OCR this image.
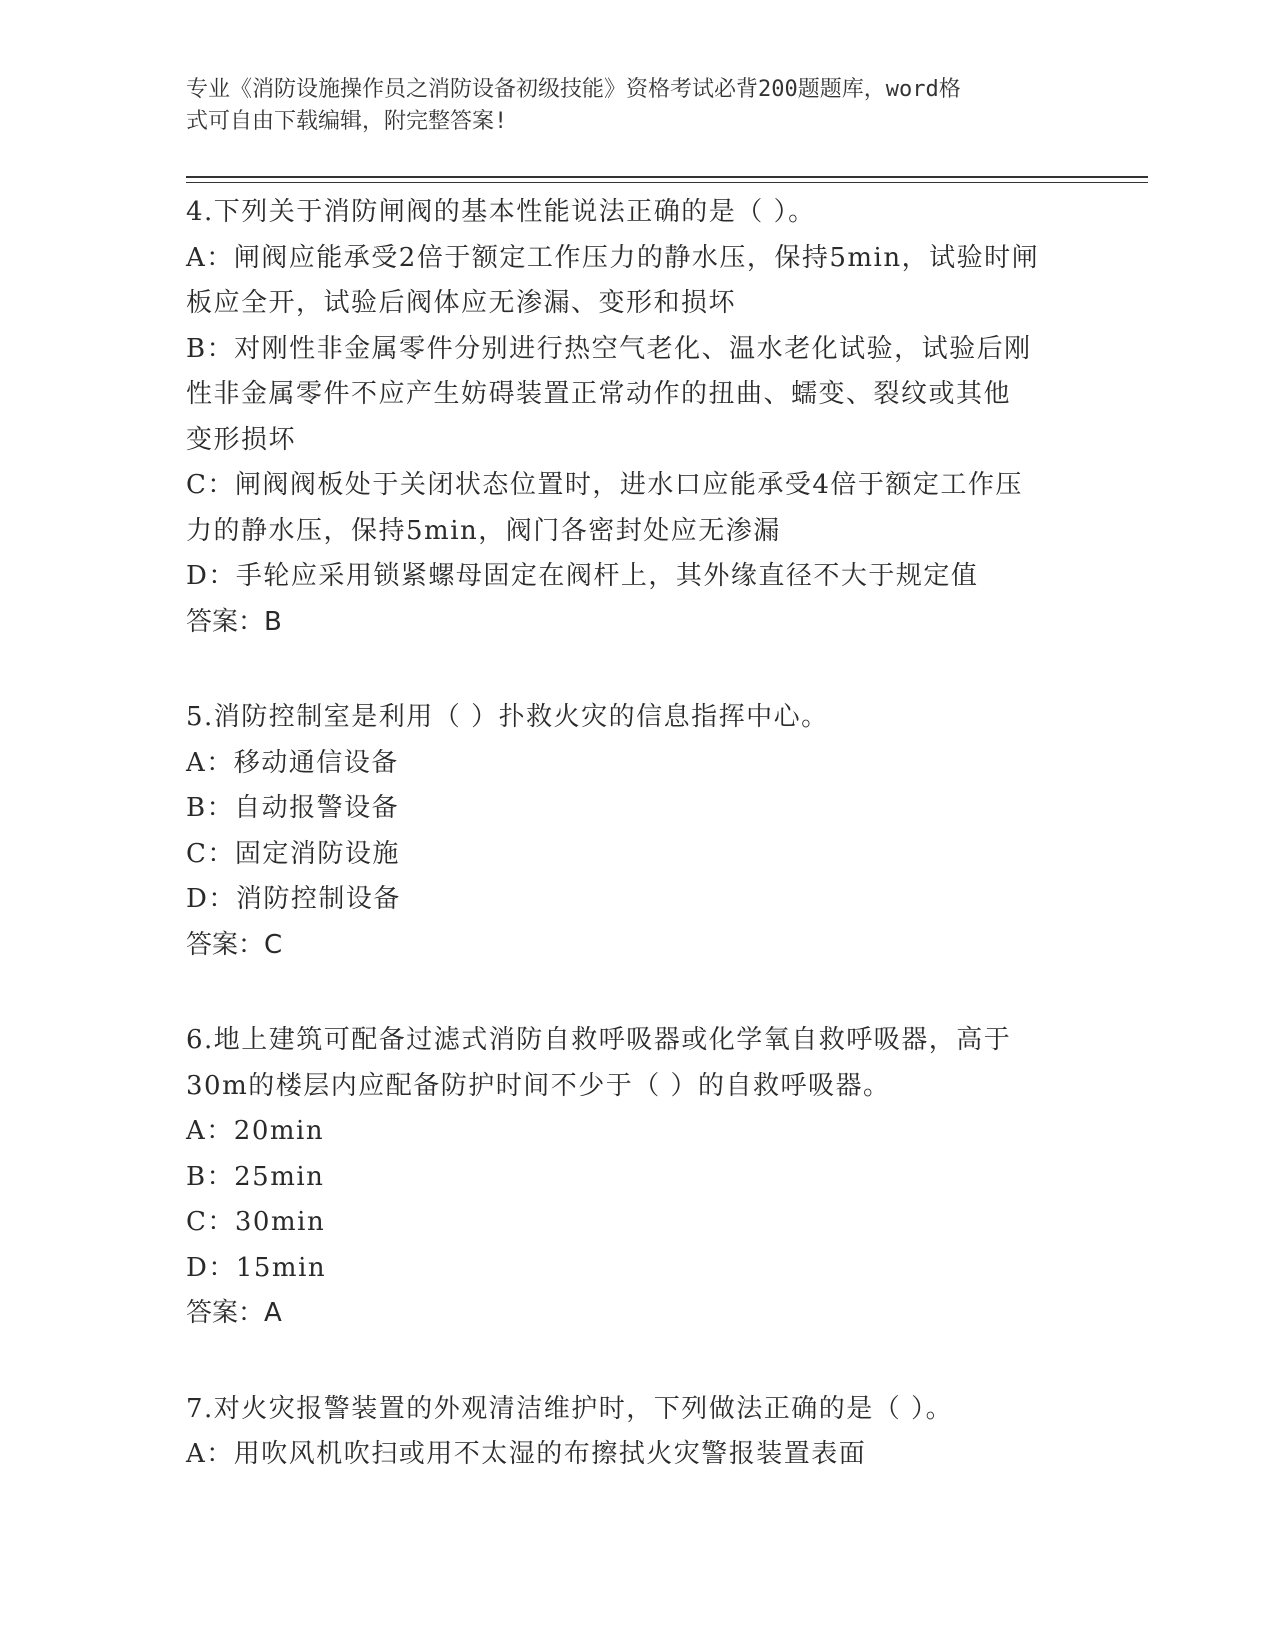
专业《消防设施操作员之消防设备初级技能》资格考试必背200题题库，word格
式可自由下载编辑，附完整答案!

4.下列关于消防闸阀的基本性能说法正确的是（ ）。

A：闸阀应能承受2倍于额定工作压力的静水压，保持5min，试验时闸

板应全开，试验后阀体应无渗漏、变形和损坏

B：对刚性非金属零件分别进行热空气老化、温水老化试验，试验后刚

性非金属零件不应产生妨碍装置正常动作的扭曲、蠕变、裂纹或其他

变形损坏

C：闸阀阀板处于关闭状态位置时，进水口应能承受4倍于额定工作压

力的静水压，保持5min，阀门各密封处应无渗漏

D：手轮应采用锁紧螺母固定在阀杆上，其外缘直径不大于规定值

答案：B

5.消防控制室是利用（ ）扑救火灾的信息指挥中心。

A：移动通信设备

B：自动报警设备

C：固定消防设施

D：消防控制设备

答案：C

6.地上建筑可配备过滤式消防自救呼吸器或化学氧自救呼吸器，高于

30m的楼层内应配备防护时间不少于（ ）的自救呼吸器。

A：20min

B：25min

C：30min

D：15min

答案：A

7.对火灾报警装置的外观清洁维护时，下列做法正确的是（ ）。

A：用吹风机吹扫或用不太湿的布擦拭火灾警报装置表面
